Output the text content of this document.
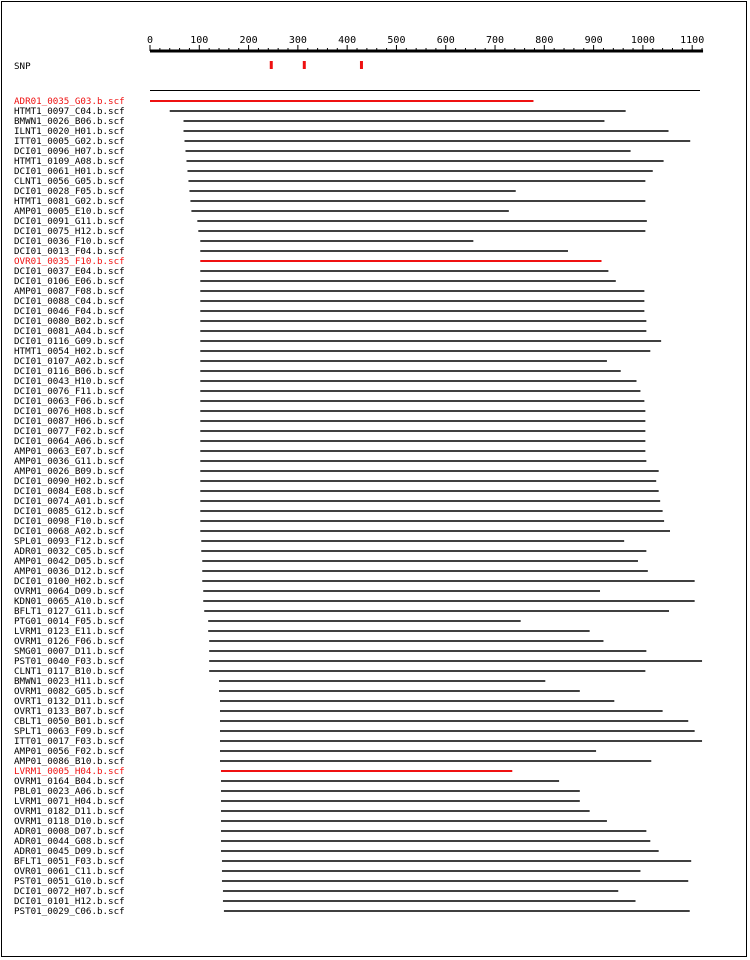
0	100	200	300	400	500	600	700	800	900	1000	1100
SNP
ADR01_0035_G03.b.scf
HTMT1_0097_C04.b.scf
BMWN1_0026_B06.b.scf
ILNT1_0020_H01.b.scf
ITT01_0005_G02.b.scf
DCI01_0096_H07.b.scf
HTMT1_0109_A08.b.scf
DCI01_0061_H01.b.scf
CLNT1_0056_G05.b.scf
DCI01_0028_F05.b.scf
HTMT1_0081_G02.b.scf
AMP01_0005_E10.b.scf
DCI01_0091_G11.b.scf
DCI01_0075_H12.b.scf
DCI01_0036_F10.b.scf
DCI01_0013_F04.b.scf
OVR01_0035_F10.b.scf
DCI01_0037_E04.b.scf
DCI01_0106_E06.b.scf
AMP01_0087_F08.b.scf
DCI01_0088_C04.b.scf
DCI01_0046_F04.b.scf
DCI01_0080_B02.b.scf
DCI01_0081_A04.b.scf
DCI01_0116_G09.b.scf
HTMT1_0054_H02.b.scf
DCI01_0107_A02.b.scf
DCI01_0116_B06.b.scf
DCI01_0043_H10.b.scf
DCI01_0076_F11.b.scf
DCI01_0063_F06.b.scf
DCI01_0076_H08.b.scf
DCI01_0087_H06.b.scf
DCI01_0077_F02.b.scf
DCI01_0064_A06.b.scf
AMP01_0063_E07.b.scf
AMP01_0036_G11.b.scf
AMP01_0026_B09.b.scf
DCI01_0090_H02.b.scf
DCI01_0084_E08.b.scf
DCI01_0074_A01.b.scf
DCI01_0085_G12.b.scf
DCI01_0098_F10.b.scf
DCI01_0068_A02.b.scf
SPL01_0093_F12.b.scf
ADR01_0032_C05.b.scf
AMP01_0042_D05.b.scf
AMP01_0036_D12.b.scf
DCI01_0100_H02.b.scf
OVRM1_0064_D09.b.scf
KDN01_0065_A10.b.scf
BFLT1_0127_G11.b.scf
PTG01_0014_F05.b.scf
LVRM1_0123_E11.b.scf
OVRM1_0126_F06.b.scf
SMG01_0007_D11.b.scf
PST01_0040_F03.b.scf
CLNT1_0117_B10.b.scf
BMWN1_0023_H11.b.scf
OVRM1_0082_G05.b.scf
OVRT1_0132_D11.b.scf
OVRT1_0133_B07.b.scf
CBLT1_0050_B01.b.scf
SPLT1_0063_F09.b.scf
ITT01_0017_F03.b.scf
AMP01_0056_F02.b.scf
AMP01_0086_B10.b.scf
LVRM1_0005_H04.b.scf
OVRM1_0164_B04.b.scf
PBL01_0023_A06.b.scf
LVRM1_0071_H04.b.scf
OVRM1_0182_D11.b.scf
OVRM1_0118_D10.b.scf
ADR01_0008_D07.b.scf
ADR01_0044_G08.b.scf
ADR01_0045_D09.b.scf
BFLT1_0051_F03.b.scf
OVR01_0061_C11.b.scf
PST01_0051_G10.b.scf
DCI01_0072_H07.b.scf
DCI01_0101_H12.b.scf
PST01_0029_C06.b.scf
